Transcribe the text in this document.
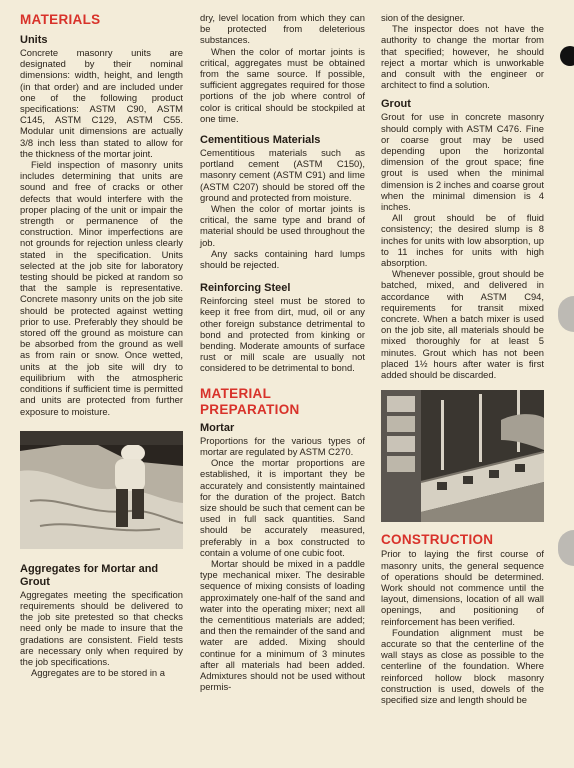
MATERIALS
Units

Concrete masonry units are designated by their nominal dimensions: width, height, and length (in that order) and are included under one of the following product specifications: ASTM C90, ASTM C145, ASTM C129, ASTM C55. Modular unit dimensions are actually 3/8 inch less than stated to allow for the thickness of the mortar joint.

Field inspection of masonry units includes determining that units are sound and free of cracks or other defects that would interfere with the proper placing of the unit or impair the strength or permanence of the construction. Minor imperfections are not grounds for rejection unless clearly stated in the specification. Units selected at the job site for laboratory testing should be picked at random so that the sample is representative. Concrete masonry units on the job site should be protected against wetting prior to use. Preferably they should be stored off the ground as moisture can be absorbed from the ground as well as from rain or snow. Once wetted, units at the job site will dry to equilibrium with the atmospheric conditions if sufficient time is permitted and units are protected from further exposure to moisture.

Aggregates for Mortar and Grout

Aggregates meeting the specification requirements should be delivered to the job site pretested so that checks need only be made to insure that the gradations are consistent. Field tests are necessary only when required by the job specifications.

Aggregates are to be stored in a

dry, level location from which they can be protected from deleterious substances.

When the color of mortar joints is critical, aggregates must be obtained from the same source. If possible, sufficient aggregates required for those portions of the job where control of color is critical should be stockpiled at one time.

Cementitious Materials

Cementitious materials such as portland cement (ASTM C150), masonry cement (ASTM C91) and lime (ASTM C207) should be stored off the ground and protected from moisture.

When the color of mortar joints is critical, the same type and brand of material should be used throughout the job.

Any sacks containing hard lumps should be rejected.

Reinforcing Steel

Reinforcing steel must be stored to keep it free from dirt, mud, oil or any other foreign substance detrimental to bond and protected from kinking or bending. Moderate amounts of surface rust or mill scale are usually not considered to be detrimental to bond.

MATERIAL PREPARATION
Mortar

Proportions for the various types of mortar are regulated by ASTM C270.

Once the mortar proportions are established, it is important they be accurately and consistently maintained for the duration of the project. Batch size should be such that cement can be used in full sack quantities. Sand should be accurately measured, preferably in a box constructed to contain a volume of one cubic foot.

Mortar should be mixed in a paddle type mechanical mixer. The desirable sequence of mixing consists of loading approximately one-half of the sand and water into the operating mixer; next all the cementitious materials are added; and then the remainder of the sand and water are added. Mixing should continue for a minimum of 3 minutes after all materials had been added. Admixtures should not be used without permis-

sion of the designer.

The inspector does not have the authority to change the mortar from that specified; however, he should reject a mortar which is unworkable and consult with the engineer or architect to find a solution.

Grout

Grout for use in concrete masonry should comply with ASTM C476. Fine or coarse grout may be used depending upon the horizontal dimension of the grout space; fine grout is used when the minimal dimension is 2 inches and coarse grout when the minimal dimension is 4 inches.

All grout should be of fluid consistency; the desired slump is 8 inches for units with low absorption, up to 11 inches for units with high absorption.

Whenever possible, grout should be batched, mixed, and delivered in accordance with ASTM C94, requirements for transit mixed concrete. When a batch mixer is used on the job site, all materials should be mixed thoroughly for at least 5 minutes. Grout which has not been placed 1½ hours after water is first added should be discarded.

CONSTRUCTION

Prior to laying the first course of masonry units, the general sequence of operations should be determined. Work should not commence until the layout, dimensions, location of all wall openings, and positioning of reinforcement has been verified.

Foundation alignment must be accurate so that the centerline of the wall stays as close as possible to the centerline of the foundation. Where reinforced hollow block masonry construction is used, dowels of the specified size and length should be
